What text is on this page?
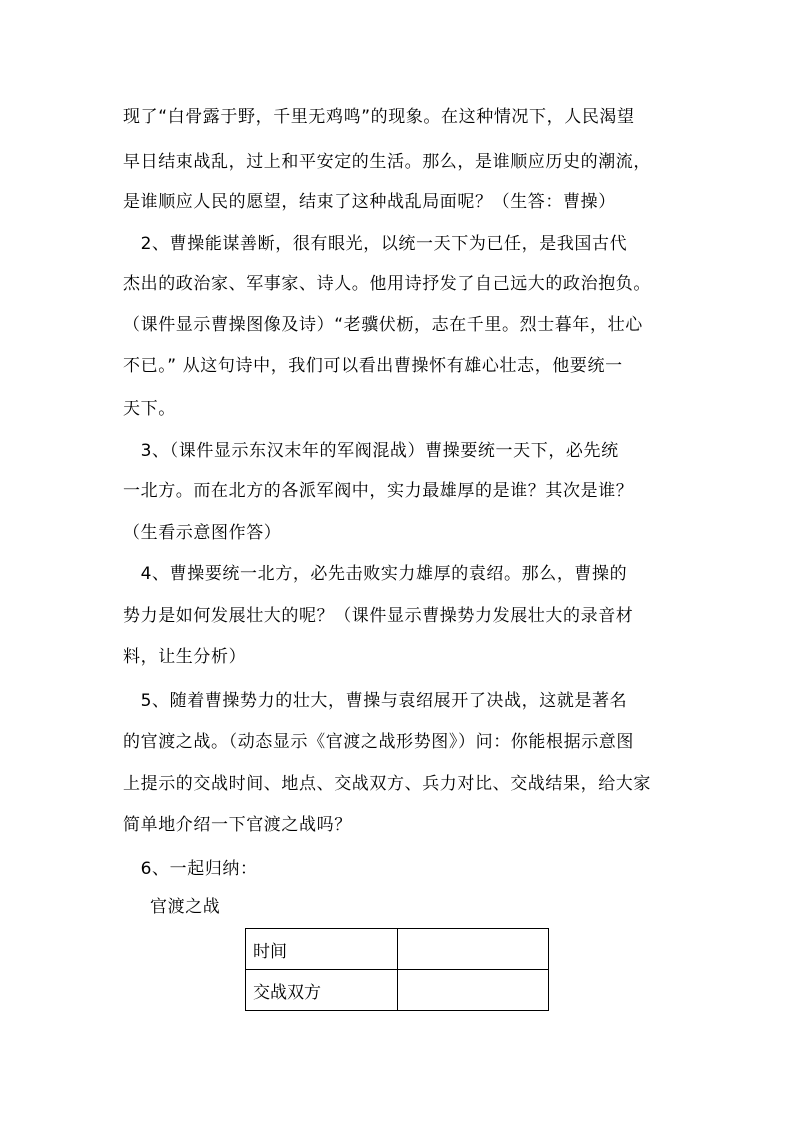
现了“白骨露于野，千里无鸡鸣”的现象。在这种情况下，人民渴望
早日结束战乱，过上和平安定的生活。那么，是谁顺应历史的潮流，
是谁顺应人民的愿望，结束了这种战乱局面呢？（生答：曹操）
　2、曹操能谋善断，很有眼光，以统一天下为已任，是我国古代
杰出的政治家、军事家、诗人。他用诗抒发了自己远大的政治抱负。
（课件显示曹操图像及诗）“老骥伏枥，志在千里。烈士暮年，壮心
不已。” 从这句诗中，我们可以看出曹操怀有雄心壮志，他要统一
天下。
　3、（课件显示东汉末年的军阀混战）曹操要统一天下，必先统
一北方。而在北方的各派军阀中，实力最雄厚的是谁？其次是谁？
（生看示意图作答）
　4、曹操要统一北方，必先击败实力雄厚的袁绍。那么，曹操的
势力是如何发展壮大的呢？（课件显示曹操势力发展壮大的录音材
料，让生分析）
　5、随着曹操势力的壮大，曹操与袁绍展开了决战，这就是著名
的官渡之战。（动态显示《官渡之战形势图》）问：你能根据示意图
上提示的交战时间、地点、交战双方、兵力对比、交战结果，给大家
简单地介绍一下官渡之战吗？
　6、一起归纳：
官渡之战
时间	
交战双方	
